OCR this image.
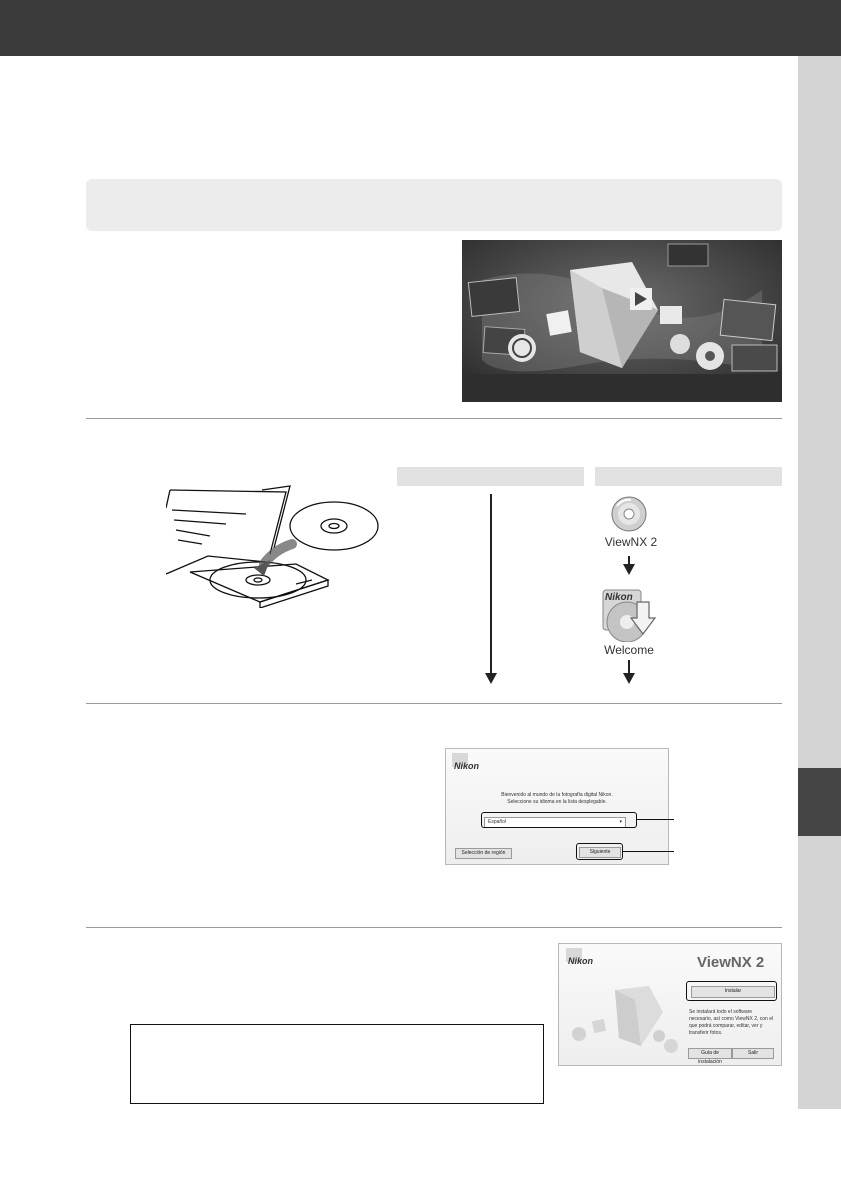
ViewNX 2
Nikon
Welcome
Nikon
Bienvenido al mundo de la fotografía digital Nikon.
Seleccione su idioma en la lista desplegable.
Español	▾
Selección de región	Siguiente
Nikon	ViewNX 2
Instalar
Se instalará todo el software necesario, así como ViewNX 2, con el que podrá comparar, editar, ver y transferir fotos.
Guía de instalación
Salir
